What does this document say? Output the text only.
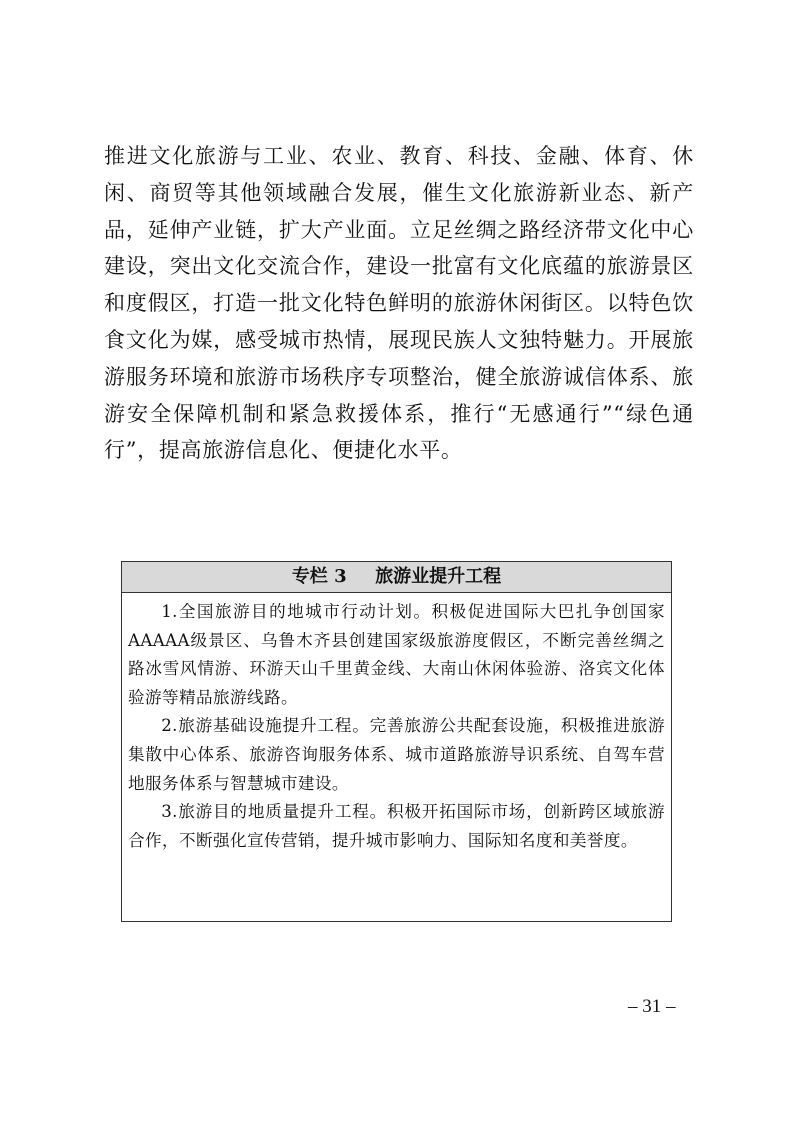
推进文化旅游与工业、农业、教育、科技、金融、体育、休闲、商贸等其他领域融合发展，催生文化旅游新业态、新产品，延伸产业链，扩大产业面。立足丝绸之路经济带文化中心建设，突出文化交流合作，建设一批富有文化底蕴的旅游景区和度假区，打造一批文化特色鲜明的旅游休闲街区。以特色饮食文化为媒，感受城市热情，展现民族人文独特魅力。开展旅游服务环境和旅游市场秩序专项整治，健全旅游诚信体系、旅游安全保障机制和紧急救援体系，推行“无感通行”“绿色通行”，提高旅游信息化、便捷化水平。

专栏 3 旅游业提升工程

1.全国旅游目的地城市行动计划。积极促进国际大巴扎争创国家AAAAA级景区、乌鲁木齐县创建国家级旅游度假区，不断完善丝绸之路冰雪风情游、环游天山千里黄金线、大南山休闲体验游、洛宾文化体验游等精品旅游线路。

2.旅游基础设施提升工程。完善旅游公共配套设施，积极推进旅游集散中心体系、旅游咨询服务体系、城市道路旅游导识系统、自驾车营地服务体系与智慧城市建设。

3.旅游目的地质量提升工程。积极开拓国际市场，创新跨区域旅游合作，不断强化宣传营销，提升城市影响力、国际知名度和美誉度。

– 31 –
